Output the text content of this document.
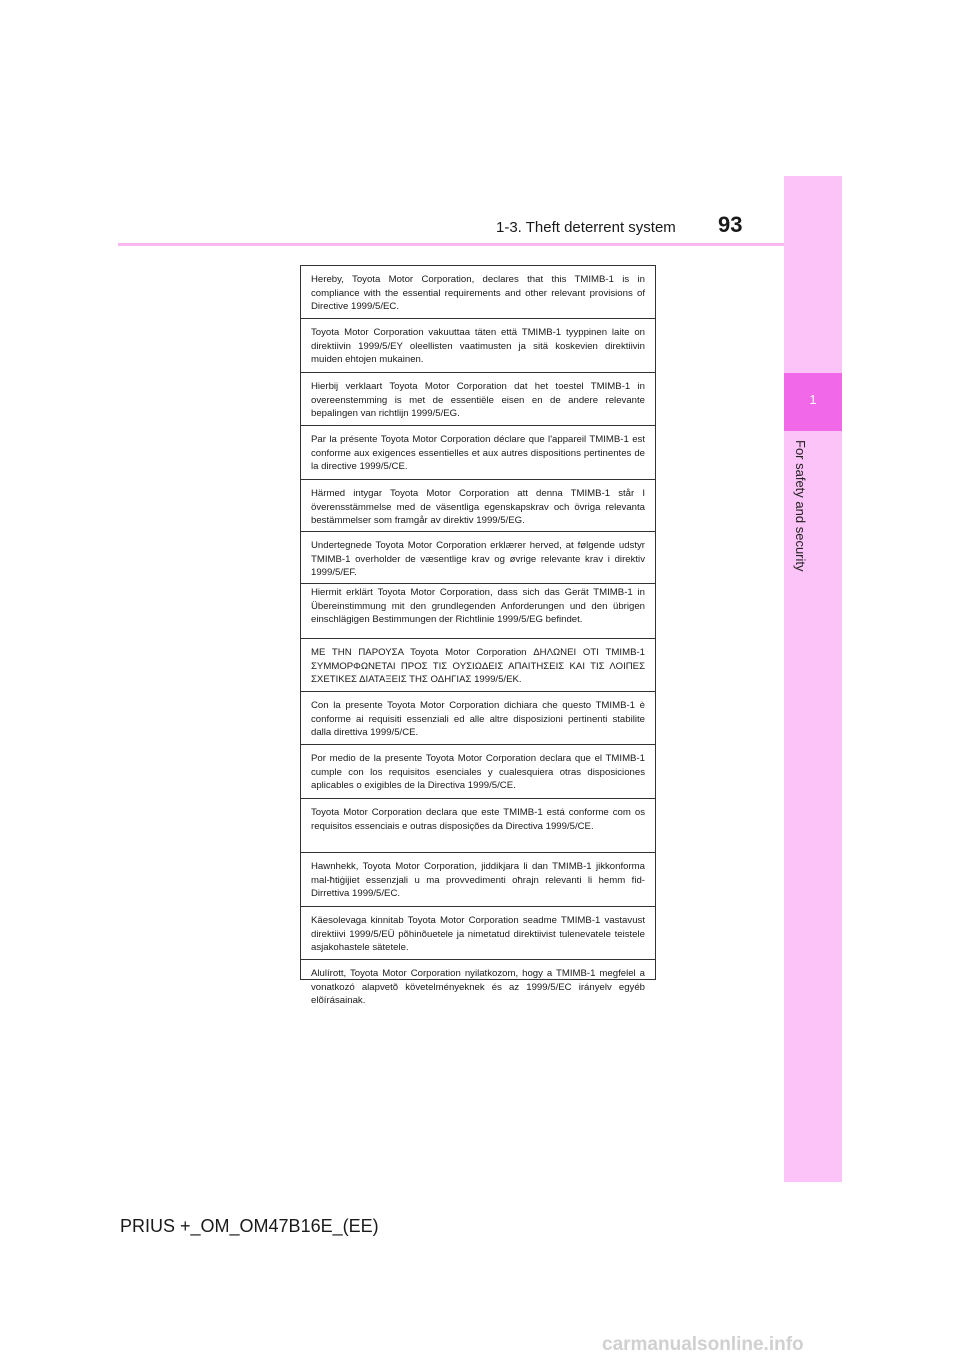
1-3. Theft deterrent system 93
1
For safety and security
Hereby, Toyota Motor Corporation, declares that this TMIMB-1 is in compliance with the essential requirements and other relevant provisions of Directive 1999/5/EC.
Toyota Motor Corporation vakuuttaa täten että TMIMB-1 tyyppinen laite on direktiivin 1999/5/EY oleellisten vaatimusten ja sitä koskevien direktiivin muiden ehtojen mukainen.
Hierbij verklaart Toyota Motor Corporation dat het toestel TMIMB-1 in overeenstemming is met de essentiële eisen en de andere relevante bepalingen van richtlijn 1999/5/EG.
Par la présente Toyota Motor Corporation déclare que l'appareil TMIMB-1 est conforme aux exigences essentielles et aux autres dispositions pertinentes de la directive 1999/5/CE.
Härmed intygar Toyota Motor Corporation att denna TMIMB-1 står I överensstämmelse med de väsentliga egenskapskrav och övriga relevanta bestämmelser som framgår av direktiv 1999/5/EG.
Undertegnede Toyota Motor Corporation erklærer herved, at følgende udstyr TMIMB-1 overholder de væsentlige krav og øvrige relevante krav i direktiv 1999/5/EF.
Hiermit erklärt Toyota Motor Corporation, dass sich das Gerät TMIMB-1 in Übereinstimmung mit den grundlegenden Anforderungen und den übrigen einschlägigen Bestimmungen der Richtlinie 1999/5/EG befindet.
ΜΕ ΤΗΝ ΠΑΡΟΥΣΑ Toyota Motor Corporation ΔΗΛΩΝΕΙ ΟΤΙ TMIMB-1 ΣΥΜΜΟΡΦΩΝΕΤΑΙ ΠΡΟΣ ΤΙΣ ΟΥΣΙΩΔΕΙΣ ΑΠΑΙΤΗΣΕΙΣ ΚΑΙ ΤΙΣ ΛΟΙΠΕΣ ΣΧΕΤΙΚΕΣ ΔΙΑΤΑΞΕΙΣ ΤΗΣ ΟΔΗΓΙΑΣ 1999/5/ΕΚ.
Con la presente Toyota Motor Corporation dichiara che questo TMIMB-1 è conforme ai requisiti essenziali ed alle altre disposizioni pertinenti stabilite dalla direttiva 1999/5/CE.
Por medio de la presente Toyota Motor Corporation declara que el TMIMB-1 cumple con los requisitos esenciales y cualesquiera otras disposiciones aplicables o exigibles de la Directiva 1999/5/CE.
Toyota Motor Corporation declara que este TMIMB-1 está conforme com os requisitos essenciais e outras disposições da Directiva 1999/5/CE.
Hawnhekk, Toyota Motor Corporation, jiddikjara li dan TMIMB-1 jikkonforma mal-ħtiġijiet essenzjali u ma provvedimenti oħrajn relevanti li hemm fid-Dirrettiva 1999/5/EC.
Käesolevaga kinnitab Toyota Motor Corporation seadme TMIMB-1 vastavust direktiivi 1999/5/EÜ põhinõuetele ja nimetatud direktiivist tulenevatele teistele asjakohastele sätetele.
Alulírott, Toyota Motor Corporation nyilatkozom, hogy a TMIMB-1 megfelel a vonatkozó alapvetõ követelményeknek és az 1999/5/EC irányelv egyéb elõírásainak.
PRIUS +_OM_OM47B16E_(EE)
carmanualsonline.info
